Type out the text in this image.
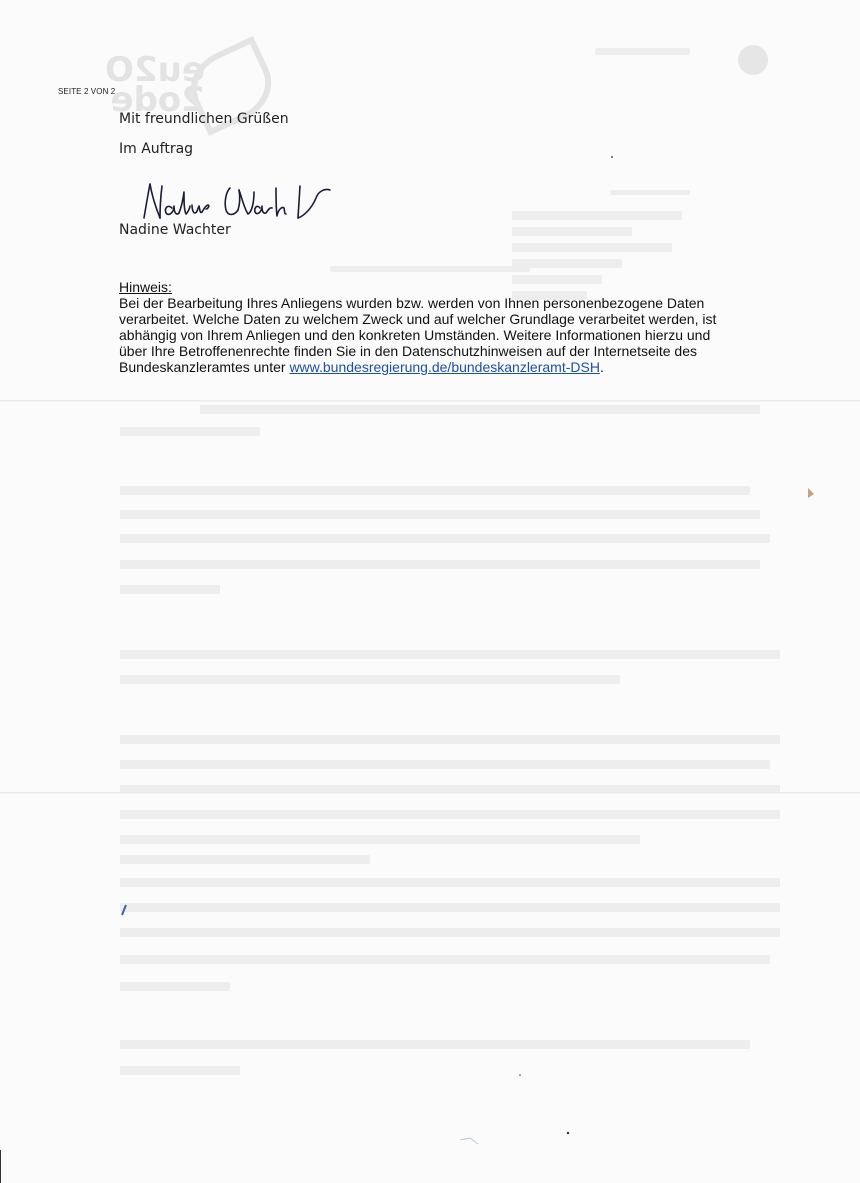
eu2O
2ode
SEITE 2 VON 2
Mit freundlichen Grüßen
Im Auftrag
Nadine Wachter
Hinweis:
Bei der Bearbeitung Ihres Anliegens wurden bzw. werden von Ihnen personenbezogene Daten verarbeitet. Welche Daten zu welchem Zweck und auf welcher Grundlage verarbeitet werden, ist abhängig von Ihrem Anliegen und den konkreten Umständen. Weitere Informationen hierzu und über Ihre Betroffenenrechte finden Sie in den Datenschutzhinweisen auf der Internetseite des Bundeskanzleramtes unter www.bundesregierung.de/bundeskanzleramt-DSH.
